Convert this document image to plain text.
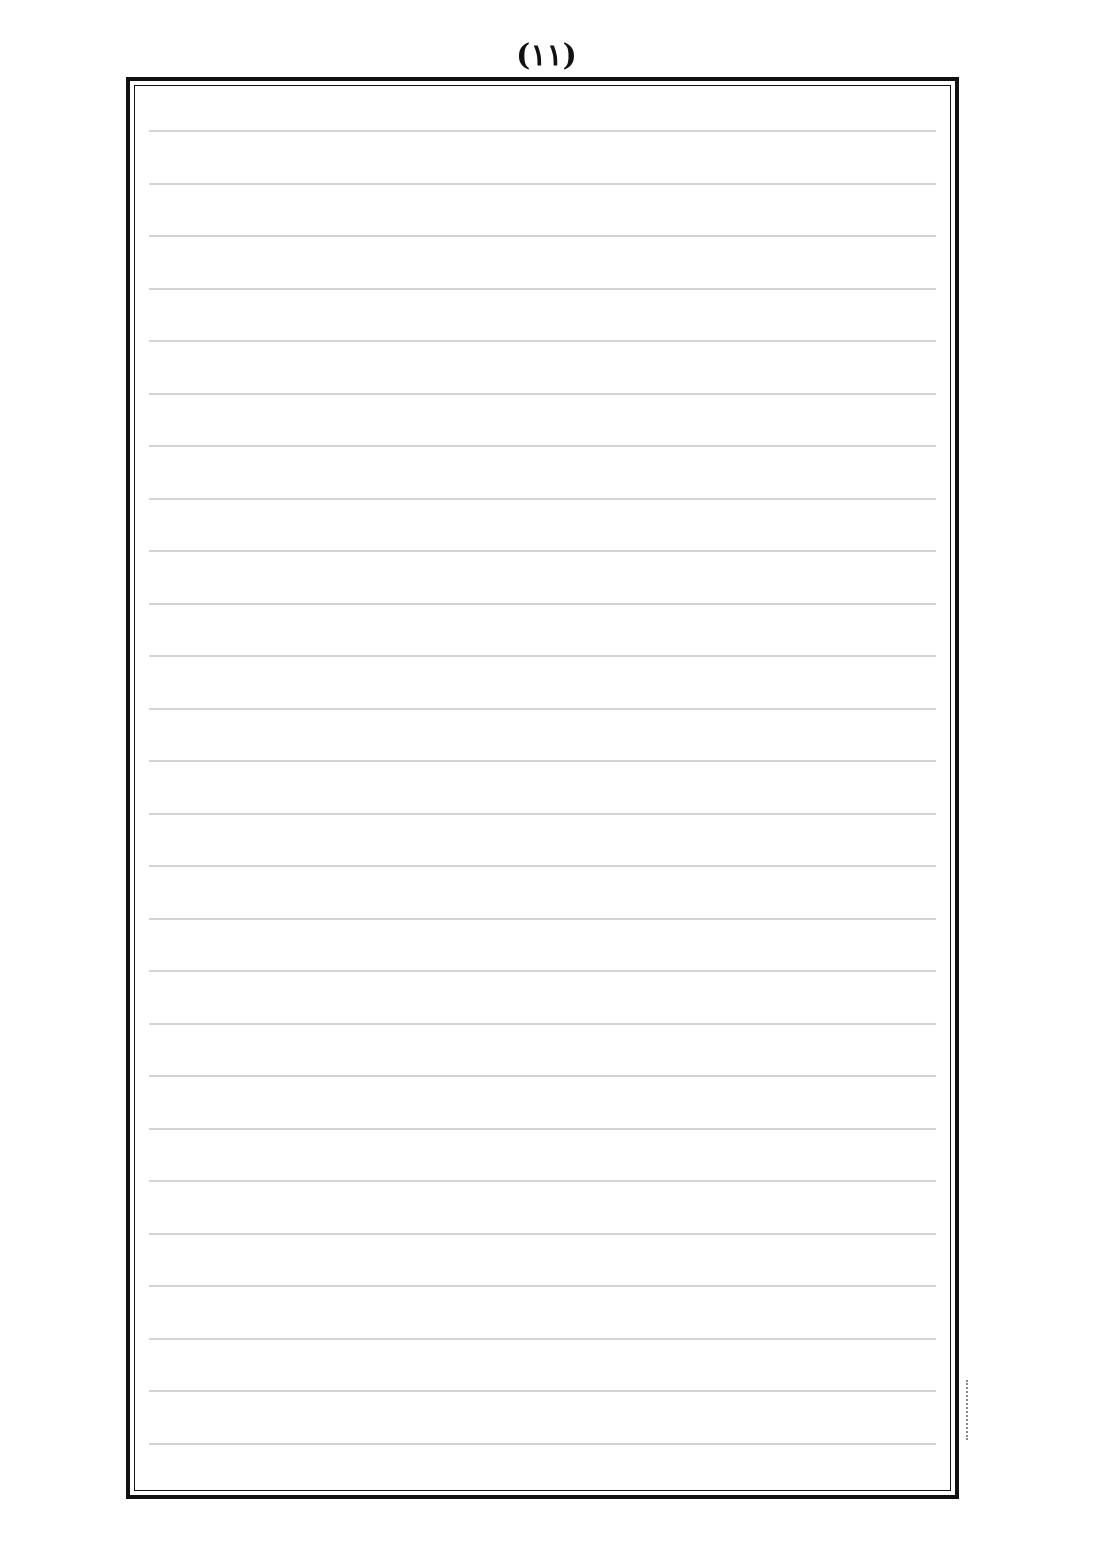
(۱۱)
